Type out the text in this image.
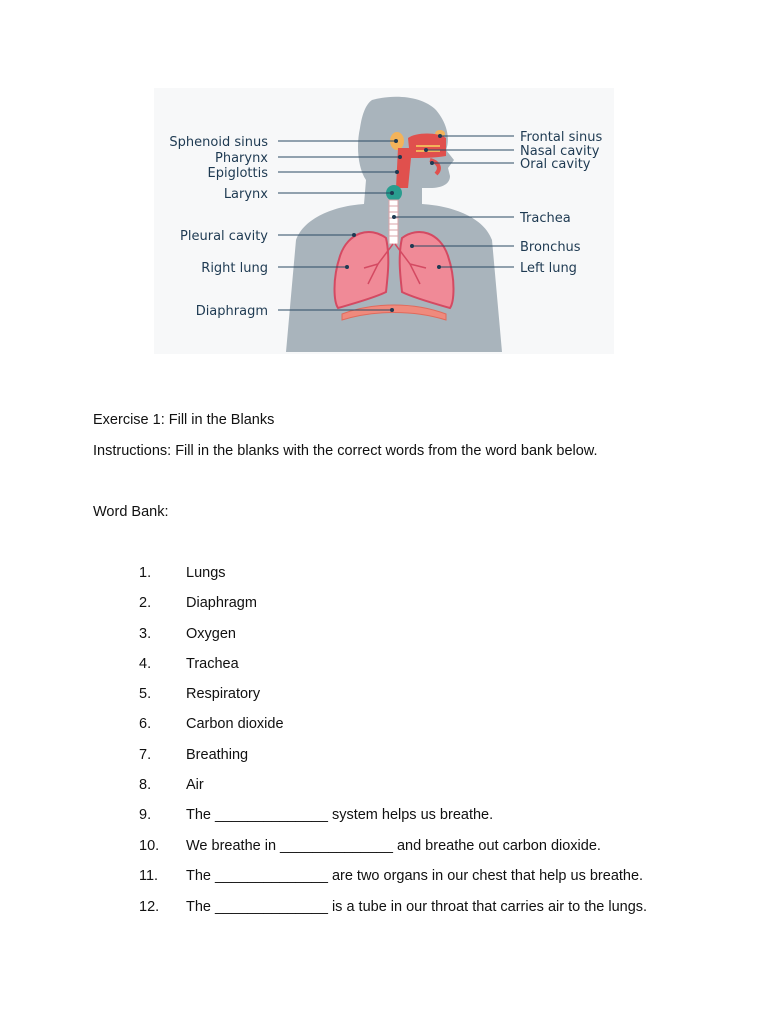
Sphenoid sinus
Pharynx
Epiglottis
Larynx
Pleural cavity
Right lung
Diaphragm
Frontal sinus
Nasal cavity
Oral cavity
Trachea
Bronchus
Left lung
Exercise 1: Fill in the Blanks
Instructions: Fill in the blanks with the correct words from the word bank below.
Word Bank:
1.	Lungs
2.	Diaphragm
3.	Oxygen
4.	Trachea
5.	Respiratory
6.	Carbon dioxide
7.	Breathing
8.	Air
9.	The ______________ system helps us breathe.
10.	We breathe in ______________ and breathe out carbon dioxide.
11.	The ______________ are two organs in our chest that help us breathe.
12.	The ______________ is a tube in our throat that carries air to the lungs.
